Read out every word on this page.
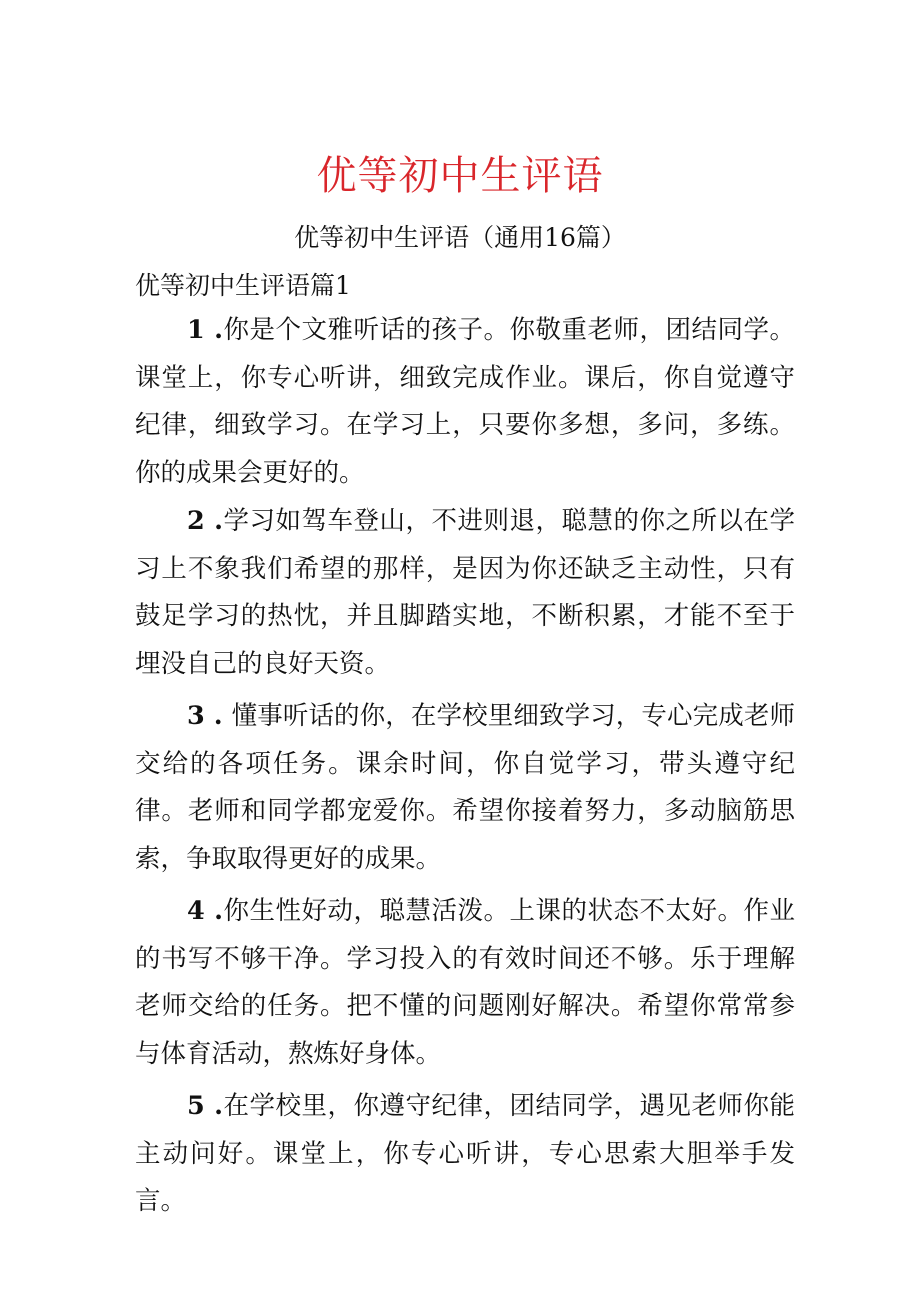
优等初中生评语
优等初中生评语（通用16篇）
优等初中生评语篇1
1 .你是个文雅听话的孩子。你敬重老师，团结同学。课堂上，你专心听讲，细致完成作业。课后，你自觉遵守纪律，细致学习。在学习上，只要你多想，多问，多练。你的成果会更好的。
2 .学习如驾车登山，不进则退，聪慧的你之所以在学习上不象我们希望的那样，是因为你还缺乏主动性，只有鼓足学习的热忱，并且脚踏实地，不断积累，才能不至于埋没自己的良好天资。
3 . 懂事听话的你，在学校里细致学习，专心完成老师交给的各项任务。课余时间，你自觉学习，带头遵守纪律。老师和同学都宠爱你。希望你接着努力，多动脑筋思索，争取取得更好的成果。
4 .你生性好动，聪慧活泼。上课的状态不太好。作业的书写不够干净。学习投入的有效时间还不够。乐于理解老师交给的任务。把不懂的问题刚好解决。希望你常常参与体育活动，熬炼好身体。
5 .在学校里，你遵守纪律，团结同学，遇见老师你能主动问好。课堂上，你专心听讲，专心思索大胆举手发言。
